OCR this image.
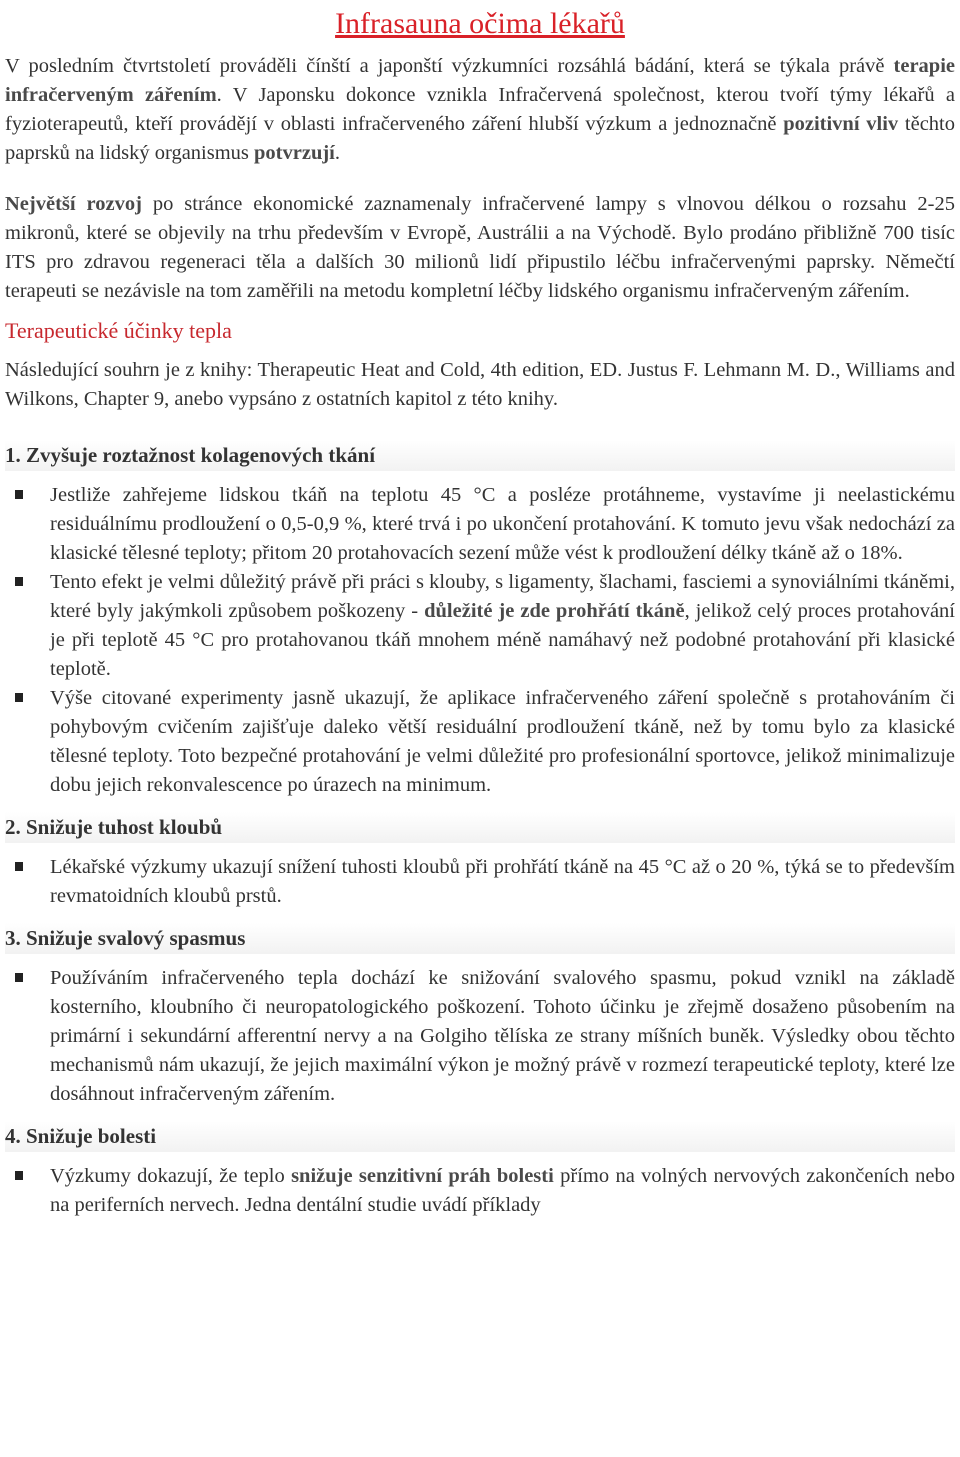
Infrasauna očima lékařů

V posledním čtvrtstoletí prováděli čínští a japonští výzkumníci rozsáhlá bádání, která se týkala právě terapie infračerveným zářením. V Japonsku dokonce vznikla Infračervená společnost, kterou tvoří týmy lékařů a fyzioterapeutů, kteří provádějí v oblasti infračerveného záření hlubší výzkum a jednoznačně pozitivní vliv těchto paprsků na lidský organismus potvrzují.

Největší rozvoj po stránce ekonomické zaznamenaly infračervené lampy s vlnovou délkou o rozsahu 2-25 mikronů, které se objevily na trhu především v Evropě, Austrálii a na Východě. Bylo prodáno přibližně 700 tisíc ITS pro zdravou regeneraci těla a dalších 30 milionů lidí připustilo léčbu infračervenými paprsky. Němečtí terapeuti se nezávisle na tom zaměřili na metodu kompletní léčby lidského organismu infračerveným zářením.

Terapeutické účinky tepla

Následující souhrn je z knihy: Therapeutic Heat and Cold, 4th edition, ED. Justus F. Lehmann M. D., Williams and Wilkons, Chapter 9, anebo vypsáno z ostatních kapitol z této knihy.

1. Zvyšuje roztažnost kolagenových tkání
Jestliže zahřejeme lidskou tkáň na teplotu 45 °C a posléze protáhneme, vystavíme ji neelastickému residuálnímu prodloužení o 0,5-0,9 %, které trvá i po ukončení protahování. K tomuto jevu však nedochází za klasické tělesné teploty; přitom 20 protahovacích sezení může vést k prodloužení délky tkáně až o 18%.
Tento efekt je velmi důležitý právě při práci s klouby, s ligamenty, šlachami, fasciemi a synoviálními tkáněmi, které byly jakýmkoli způsobem poškozeny - důležité je zde prohřátí tkáně, jelikož celý proces protahování je při teplotě 45 °C pro protahovanou tkáň mnohem méně namáhavý než podobné protahování při klasické teplotě.
Výše citované experimenty jasně ukazují, že aplikace infračerveného záření společně s protahováním či pohybovým cvičením zajišťuje daleko větší residuální prodloužení tkáně, než by tomu bylo za klasické tělesné teploty. Toto bezpečné protahování je velmi důležité pro profesionální sportovce, jelikož minimalizuje dobu jejich rekonvalescence po úrazech na minimum.
2. Snižuje tuhost kloubů
Lékařské výzkumy ukazují snížení tuhosti kloubů při prohřátí tkáně na 45 °C až o 20 %, týká se to především revmatoidních kloubů prstů.
3. Snižuje svalový spasmus
Používáním infračerveného tepla dochází ke snižování svalového spasmu, pokud vznikl na základě kosterního, kloubního či neuropatologického poškození. Tohoto účinku je zřejmě dosaženo působením na primární i sekundární afferentní nervy a na Golgiho tělíska ze strany míšních buněk. Výsledky obou těchto mechanismů nám ukazují, že jejich maximální výkon je možný právě v rozmezí terapeutické teploty, které lze dosáhnout infračerveným zářením.
4. Snižuje bolesti
Výzkumy dokazují, že teplo snižuje senzitivní práh bolesti přímo na volných nervových zakončeních nebo na periferních nervech. Jedna dentální studie uvádí příklady
